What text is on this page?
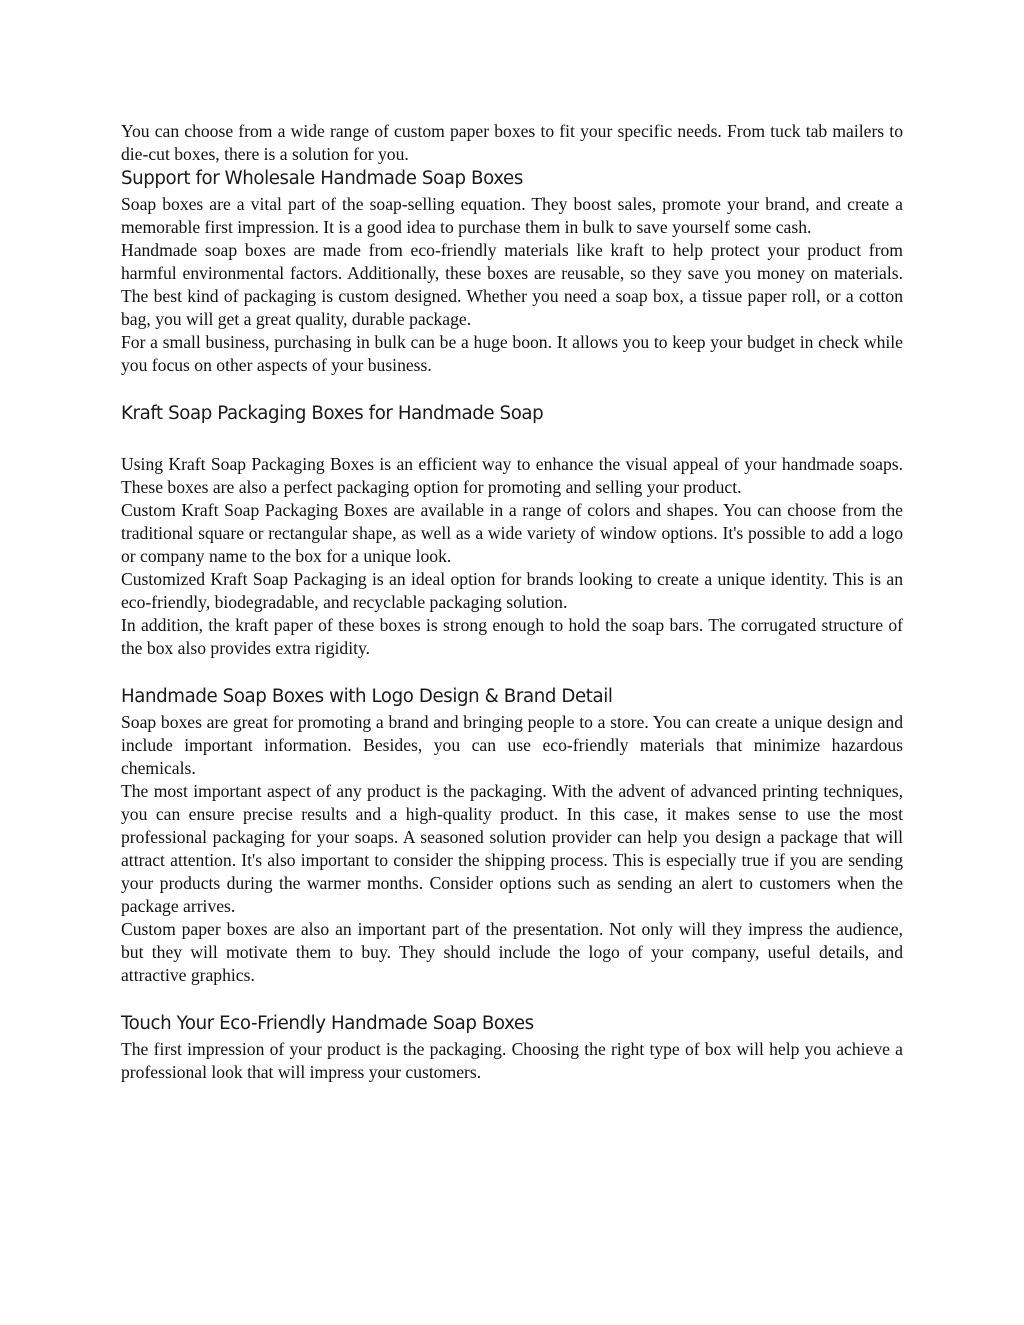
You can choose from a wide range of custom paper boxes to fit your specific needs. From tuck tab mailers to die-cut boxes, there is a solution for you.

Support for Wholesale Handmade Soap Boxes

Soap boxes are a vital part of the soap-selling equation. They boost sales, promote your brand, and create a memorable first impression. It is a good idea to purchase them in bulk to save yourself some cash.

Handmade soap boxes are made from eco-friendly materials like kraft to help protect your product from harmful environmental factors. Additionally, these boxes are reusable, so they save you money on materials. The best kind of packaging is custom designed. Whether you need a soap box, a tissue paper roll, or a cotton bag, you will get a great quality, durable package.

For a small business, purchasing in bulk can be a huge boon. It allows you to keep your budget in check while you focus on other aspects of your business.

Kraft Soap Packaging Boxes for Handmade Soap

Using Kraft Soap Packaging Boxes is an efficient way to enhance the visual appeal of your handmade soaps. These boxes are also a perfect packaging option for promoting and selling your product.

Custom Kraft Soap Packaging Boxes are available in a range of colors and shapes. You can choose from the traditional square or rectangular shape, as well as a wide variety of window options. It's possible to add a logo or company name to the box for a unique look.

Customized Kraft Soap Packaging is an ideal option for brands looking to create a unique identity. This is an eco-friendly, biodegradable, and recyclable packaging solution.

In addition, the kraft paper of these boxes is strong enough to hold the soap bars. The corrugated structure of the box also provides extra rigidity.

Handmade Soap Boxes with Logo Design & Brand Detail

Soap boxes are great for promoting a brand and bringing people to a store. You can create a unique design and include important information. Besides, you can use eco-friendly materials that minimize hazardous chemicals.

The most important aspect of any product is the packaging. With the advent of advanced printing techniques, you can ensure precise results and a high-quality product. In this case, it makes sense to use the most professional packaging for your soaps. A seasoned solution provider can help you design a package that will attract attention. It's also important to consider the shipping process. This is especially true if you are sending your products during the warmer months. Consider options such as sending an alert to customers when the package arrives.

Custom paper boxes are also an important part of the presentation. Not only will they impress the audience, but they will motivate them to buy. They should include the logo of your company, useful details, and attractive graphics.

Touch Your Eco-Friendly Handmade Soap Boxes

The first impression of your product is the packaging. Choosing the right type of box will help you achieve a professional look that will impress your customers.
